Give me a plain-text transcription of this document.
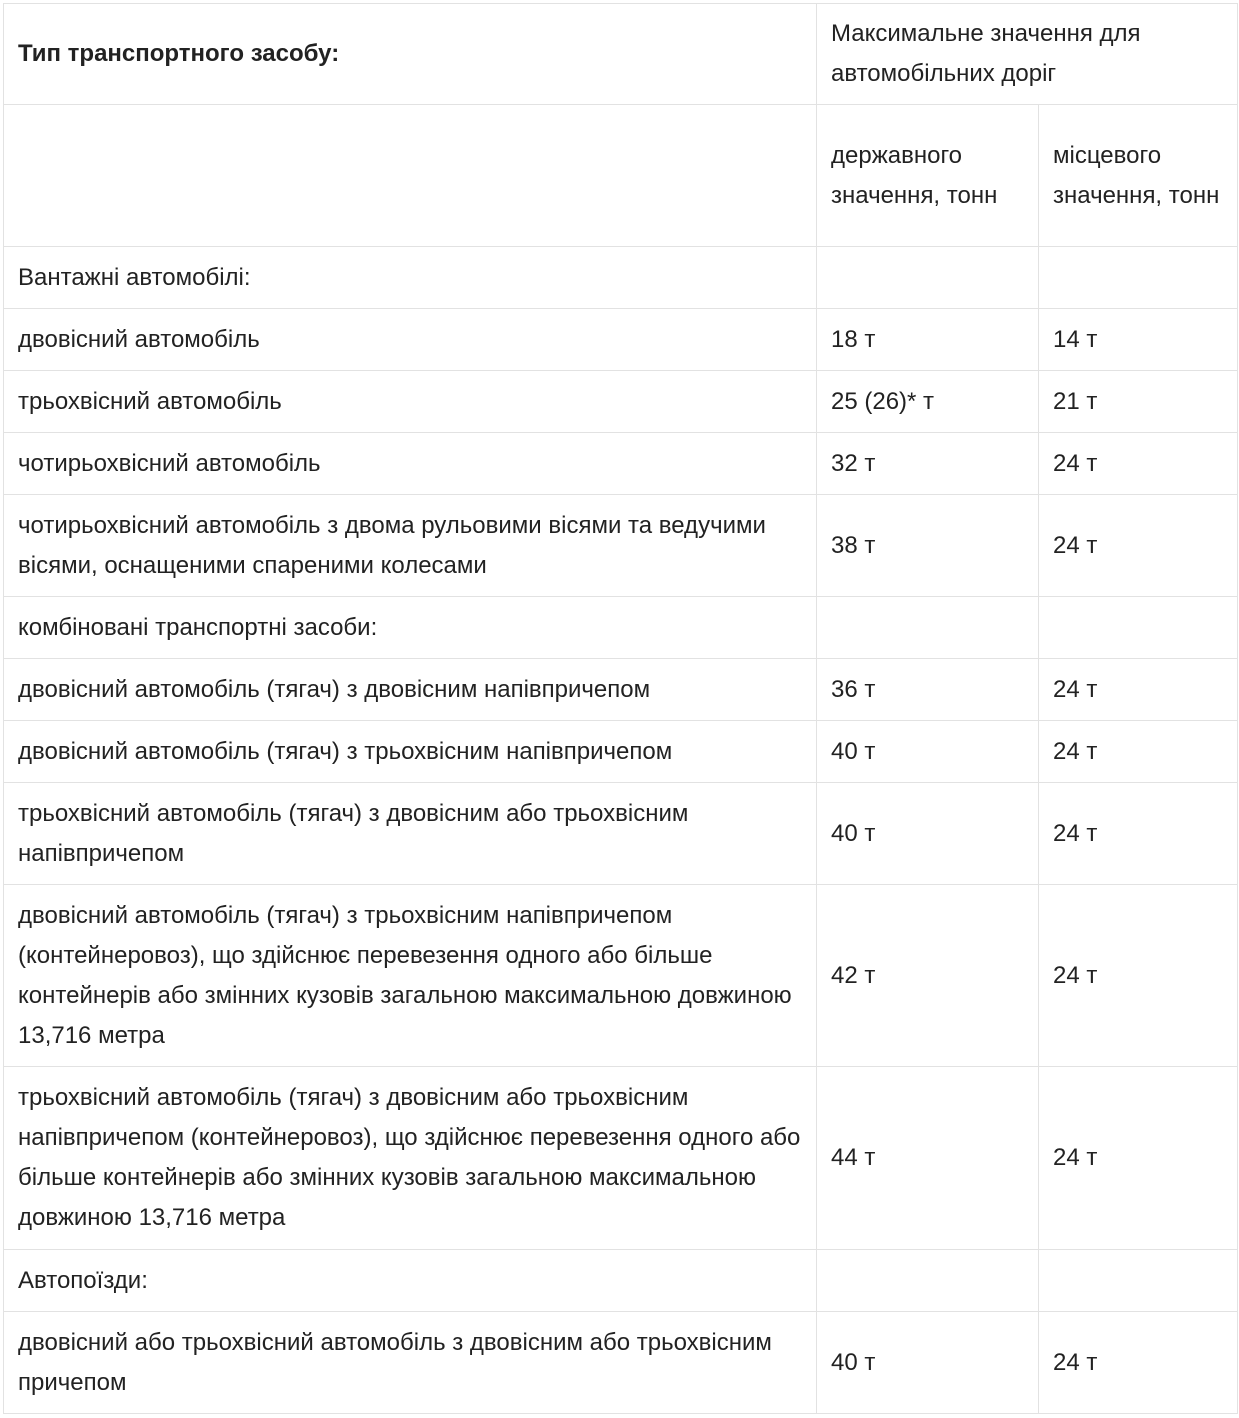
Тип транспортного засобу:	Максимальне значення для автомобільних доріг	
	державного значення, тонн	місцевого значення, тонн
Вантажні автомобілі:		
двовісний автомобіль	18 т	14 т
трьохвісний автомобіль	25 (26)* т	21 т
чотирьохвісний автомобіль	32 т	24 т
чотирьохвісний автомобіль з двома рульовими вісями та ведучими вісями, оснащеними спареними колесами	38 т	24 т
комбіновані транспортні засоби:		
двовісний автомобіль (тягач) з двовісним напівпричепом	36 т	24 т
двовісний автомобіль (тягач) з трьохвісним напівпричепом	40 т	24 т
трьохвісний автомобіль (тягач) з двовісним або трьохвісним напівпричепом	40 т	24 т
двовісний автомобіль (тягач) з трьохвісним напівпричепом (контейнеровоз), що здійснює перевезення одного або більше контейнерів або змінних кузовів загальною максимальною довжиною 13,716 метра	42 т	24 т
трьохвісний автомобіль (тягач) з двовісним або трьохвісним напівпричепом (контейнеровоз), що здійснює перевезення одного або більше контейнерів або змінних кузовів загальною максимальною довжиною 13,716 метра	44 т	24 т
Автопоїзди:		
двовісний або трьохвісний автомобіль з двовісним або трьохвісним причепом	40 т	24 т
